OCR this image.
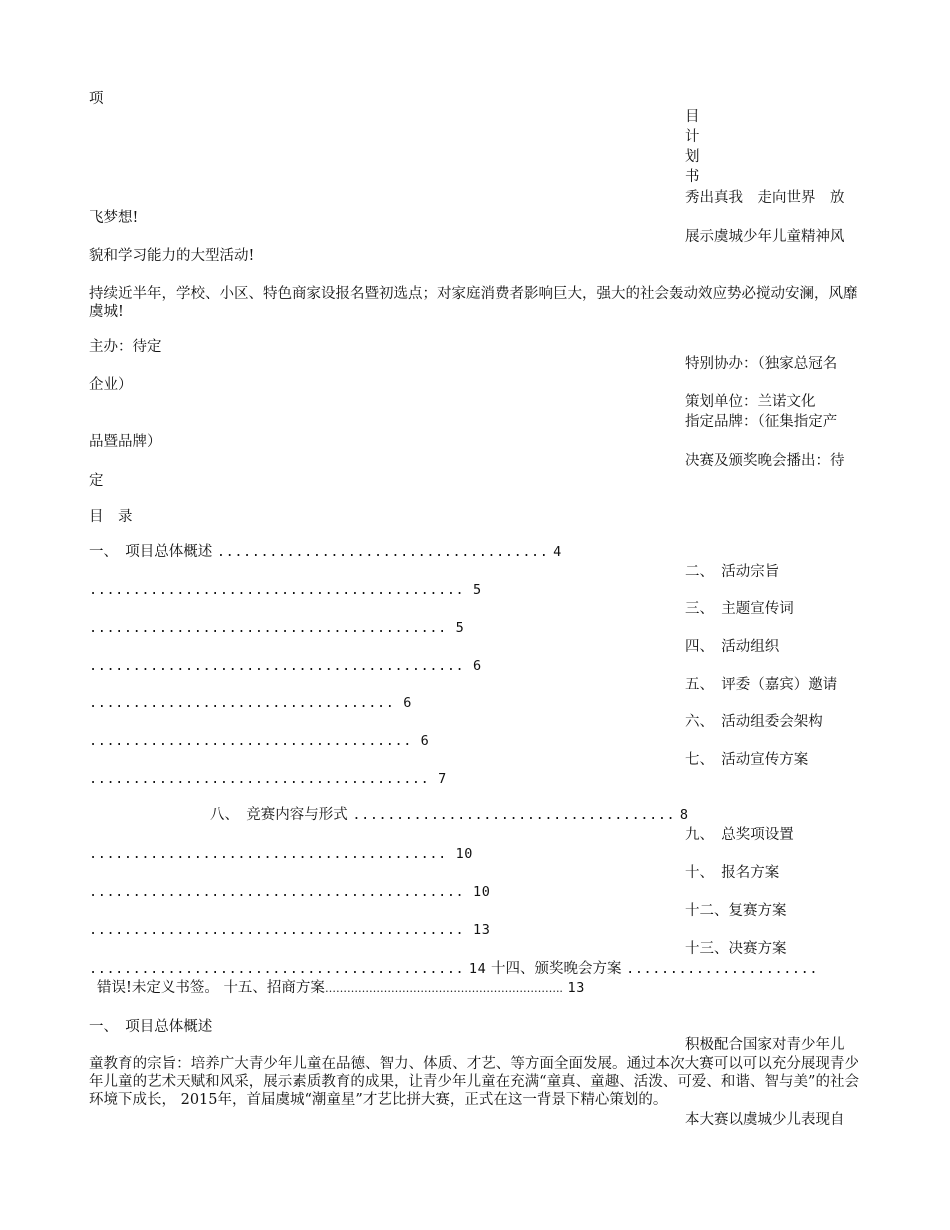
项
目
计
划
书
秀出真我　走向世界　放
飞梦想!
展示虞城少年儿童精神风
貌和学习能力的大型活动!
持续近半年，学校、小区、特色商家设报名暨初选点；对家庭消费者影响巨大，强大的社会轰动效应势必搅动安澜，风靡虞城!
主办：待定
特别协办：（独家总冠名
企业）
策划单位：兰诺文化
指定品牌：（征集指定产
品暨品牌）
决赛及颁奖晚会播出：待
定
目　录
一、　项目总体概述 ...................................... 4
二、　活动宗旨
........................................... 5
三、　主题宣传词
......................................... 5
四、　活动组织
........................................... 6
五、　评委（嘉宾）邀请
................................... 6
六、　活动组委会架构
..................................... 6
七、　活动宣传方案
....................................... 7
八、　竞赛内容与形式 ..................................... 8
九、　总奖项设置
......................................... 10
十、　报名方案
........................................... 10
十二、复赛方案
........................................... 13
十三、决赛方案
........................................... 14 十四、颁奖晚会方案 ......................
错误!未定义书签。 十五、招商方案……………………………………………………….. 13
一、　项目总体概述
积极配合国家对青少年儿
童教育的宗旨：培养广大青少年儿童在品德、智力、体质、才艺、等方面全面发展。通过本次大赛可以可以充分展现青少年儿童的艺术天赋和风采，展示素质教育的成果，让青少年儿童在充满“童真、童趣、活泼、可爱、和谐、智与美”的社会环境下成长， 2015年，首届虞城“潮童星”才艺比拼大赛，正式在这一背景下精心策划的。
本大赛以虞城少儿表现自
